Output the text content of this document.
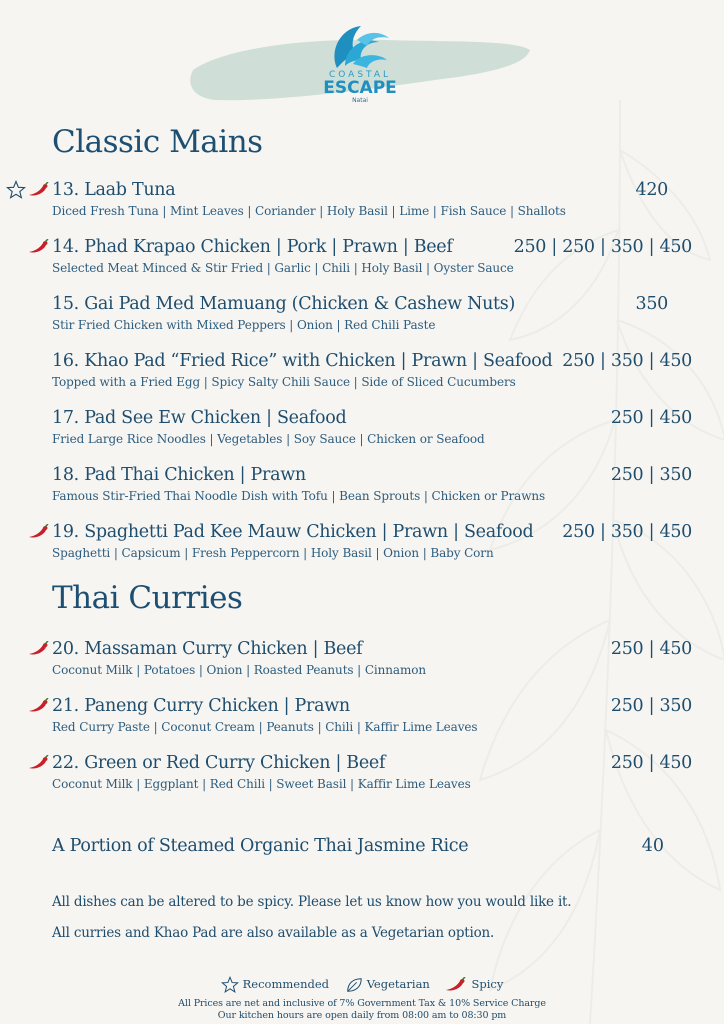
COASTAL
ESCAPE
Natai
Classic Mains
13. Laab Tuna	420
Diced Fresh Tuna | Mint Leaves | Coriander | Holy Basil | Lime | Fish Sauce | Shallots
14. Phad Krapao Chicken | Pork | Prawn | Beef	250 | 250 | 350 | 450
Selected Meat Minced & Stir Fried | Garlic | Chili | Holy Basil | Oyster Sauce
15. Gai Pad Med Mamuang (Chicken & Cashew Nuts)	350
Stir Fried Chicken with Mixed Peppers | Onion | Red Chili Paste
16. Khao Pad “Fried Rice” with Chicken | Prawn | Seafood 250 | 350 | 450
Topped with a Fried Egg | Spicy Salty Chili Sauce | Side of Sliced Cucumbers
17. Pad See Ew Chicken | Seafood	250 | 450
Fried Large Rice Noodles | Vegetables | Soy Sauce | Chicken or Seafood
18. Pad Thai Chicken | Prawn	250 | 350
Famous Stir-Fried Thai Noodle Dish with Tofu | Bean Sprouts | Chicken or Prawns
19. Spaghetti Pad Kee Mauw Chicken | Prawn | Seafood 250 | 350 | 450
Spaghetti | Capsicum | Fresh Peppercorn | Holy Basil | Onion | Baby Corn
Thai Curries
20. Massaman Curry Chicken | Beef	250 | 450
Coconut Milk | Potatoes | Onion | Roasted Peanuts | Cinnamon
21. Paneng Curry Chicken | Prawn	250 | 350
Red Curry Paste | Coconut Cream | Peanuts | Chili | Kaffir Lime Leaves
22. Green or Red Curry Chicken | Beef	250 | 450
Coconut Milk | Eggplant | Red Chili | Sweet Basil | Kaffir Lime Leaves
A Portion of Steamed Organic Thai Jasmine Rice	40
All dishes can be altered to be spicy. Please let us know how you would like it.
All curries and Khao Pad are also available as a Vegetarian option.
Recommended	Vegetarian	Spicy
All Prices are net and inclusive of 7% Government Tax & 10% Service Charge
Our kitchen hours are open daily from 08:00 am to 08:30 pm
